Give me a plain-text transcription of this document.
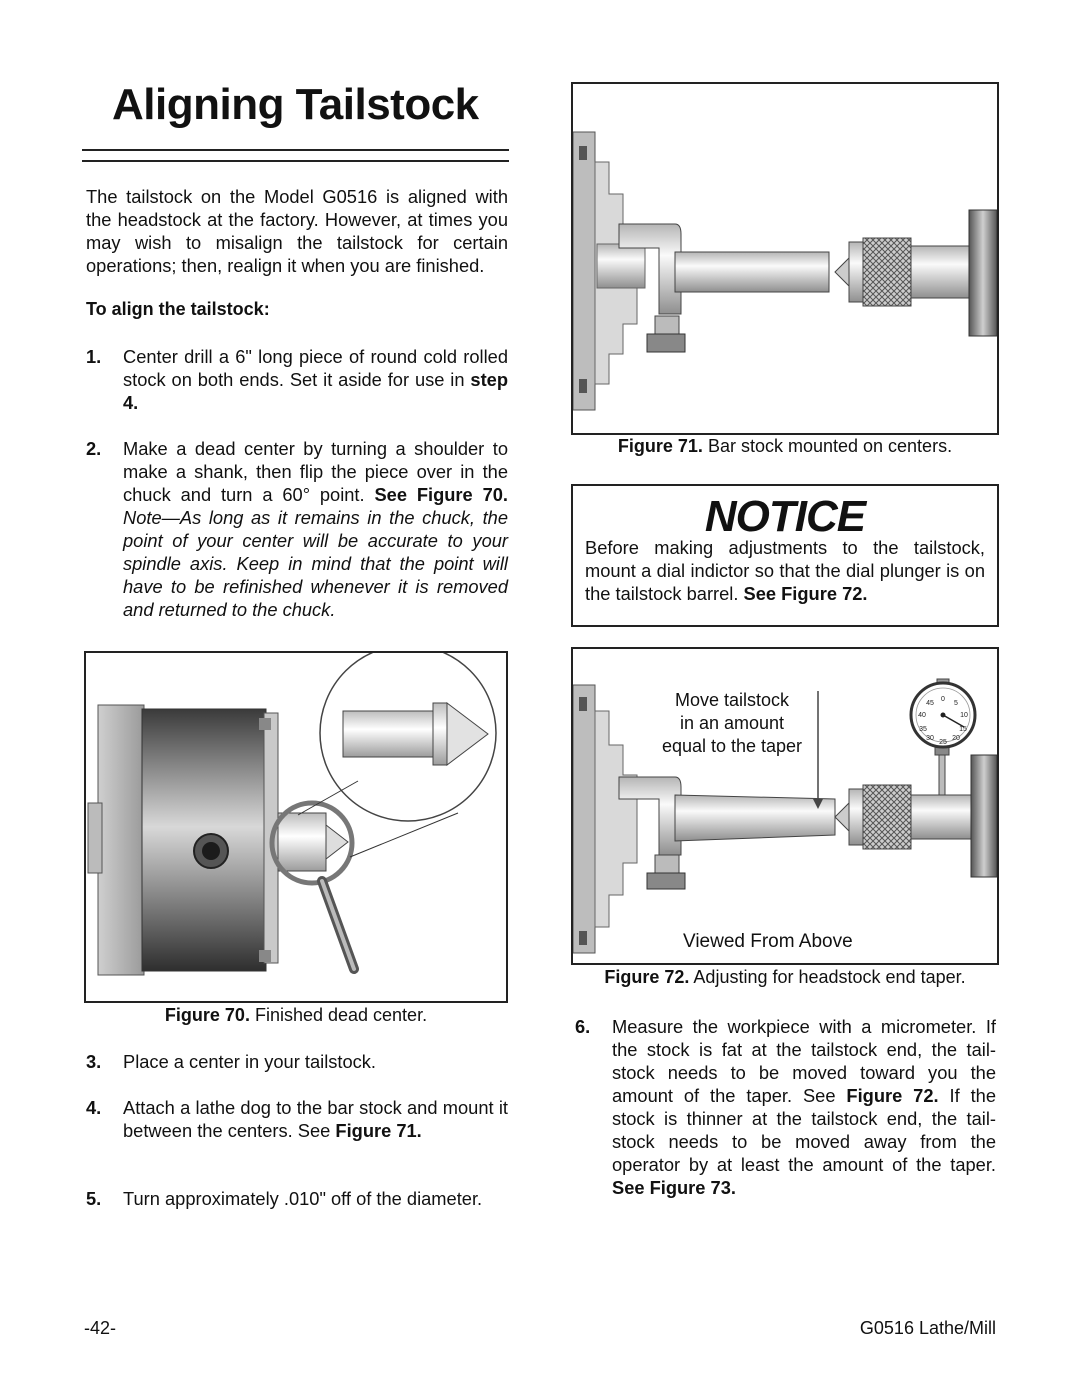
Aligning Tailstock

The tailstock on the Model G0516 is aligned with the headstock at the factory. However, at times you may wish to misalign the tailstock for certain operations; then, realign it when you are finished.

To align the tailstock:
1. Center drill a 6" long piece of round cold rolled stock on both ends. Set it aside for use in step 4.
2. Make a dead center by turning a shoulder to make a shank, then flip the piece over in the chuck and turn a 60° point. See Figure 70. Note—As long as it remains in the chuck, the point of your center will be accurate to your spindle axis. Keep in mind that the point will have to be refinished whenever it is removed and returned to the chuck.
Figure 70. Finished dead center.
3. Place a center in your tailstock.
4. Attach a lathe dog to the bar stock and mount it between the centers. See Figure 71.
5. Turn approximately .010" off of the diameter.
Figure 71. Bar stock mounted on centers.
NOTICE
Before making adjustments to the tailstock, mount a dial indictor so that the dial plunger is on the tailstock barrel. See Figure 72.
0
5
10
15
20
25
30
35
40
45
Move tailstock
in an amount
equal to the taper
Viewed From Above
Figure 72. Adjusting for headstock end taper.
6. Measure the workpiece with a micrometer. If the stock is fat at the tailstock end, the tail-stock needs to be moved toward you the amount of the taper. See Figure 72. If the stock is thinner at the tailstock end, the tail-stock needs to be moved away from the operator by at least the amount of the taper. See Figure 73.
-42-	G0516 Lathe/Mill
